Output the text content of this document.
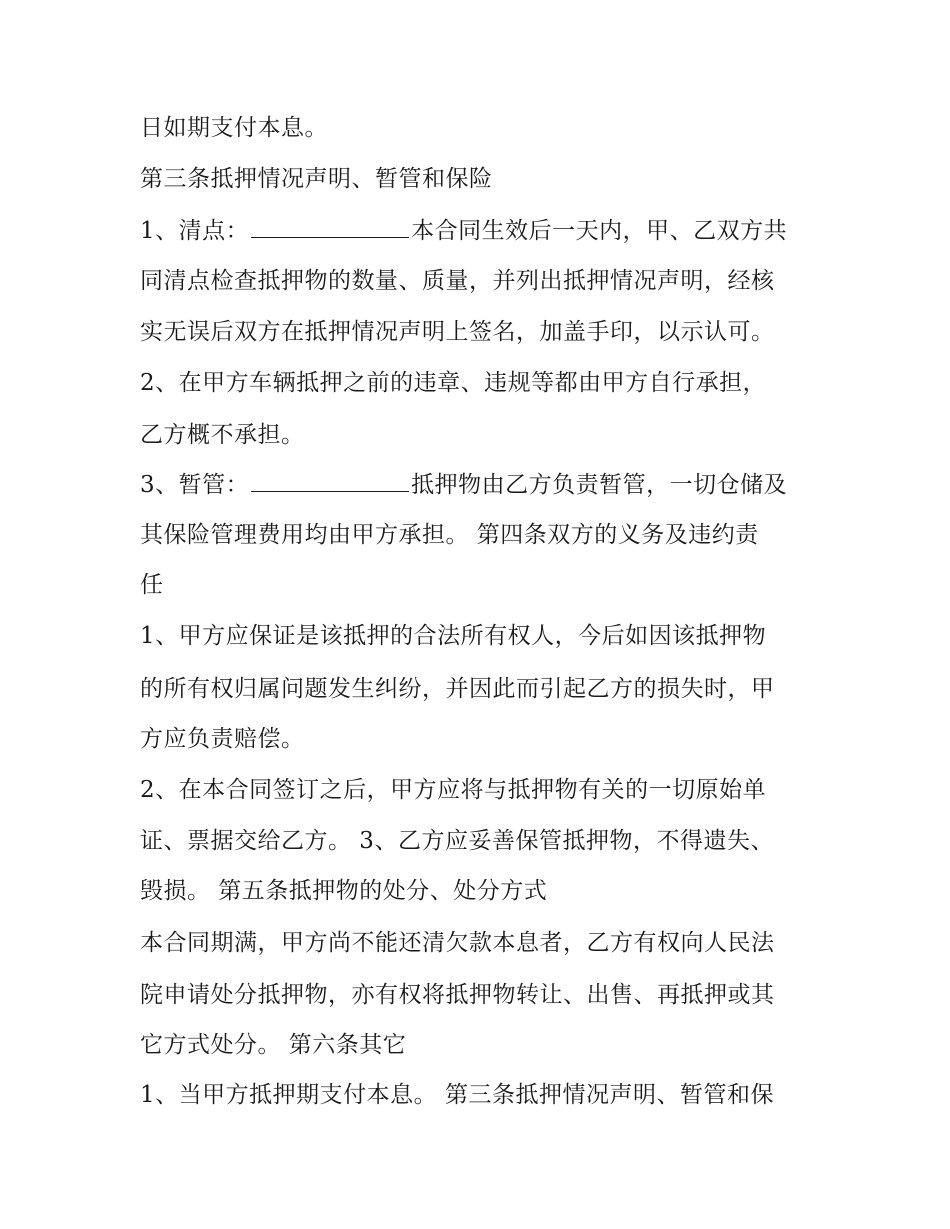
日如期支付本息。
第三条抵押情况声明、暂管和保险
1、清点：	本合同生效后一天内，甲、乙双方共
同清点检查抵押物的数量、质量，并列出抵押情况声明，经核
实无误后双方在抵押情况声明上签名，加盖手印，以示认可。
2、在甲方车辆抵押之前的违章、违规等都由甲方自行承担，
乙方概不承担。
3、暂管：	抵押物由乙方负责暂管，一切仓储及
其保险管理费用均由甲方承担。 第四条双方的义务及违约责
任
1、甲方应保证是该抵押的合法所有权人，今后如因该抵押物
的所有权归属问题发生纠纷，并因此而引起乙方的损失时，甲
方应负责赔偿。
2、在本合同签订之后，甲方应将与抵押物有关的一切原始单
证、票据交给乙方。 3、乙方应妥善保管抵押物，不得遗失、
毁损。 第五条抵押物的处分、处分方式
本合同期满，甲方尚不能还清欠款本息者，乙方有权向人民法
院申请处分抵押物，亦有权将抵押物转让、出售、再抵押或其
它方式处分。 第六条其它
1、当甲方抵押期支付本息。 第三条抵押情况声明、暂管和保
